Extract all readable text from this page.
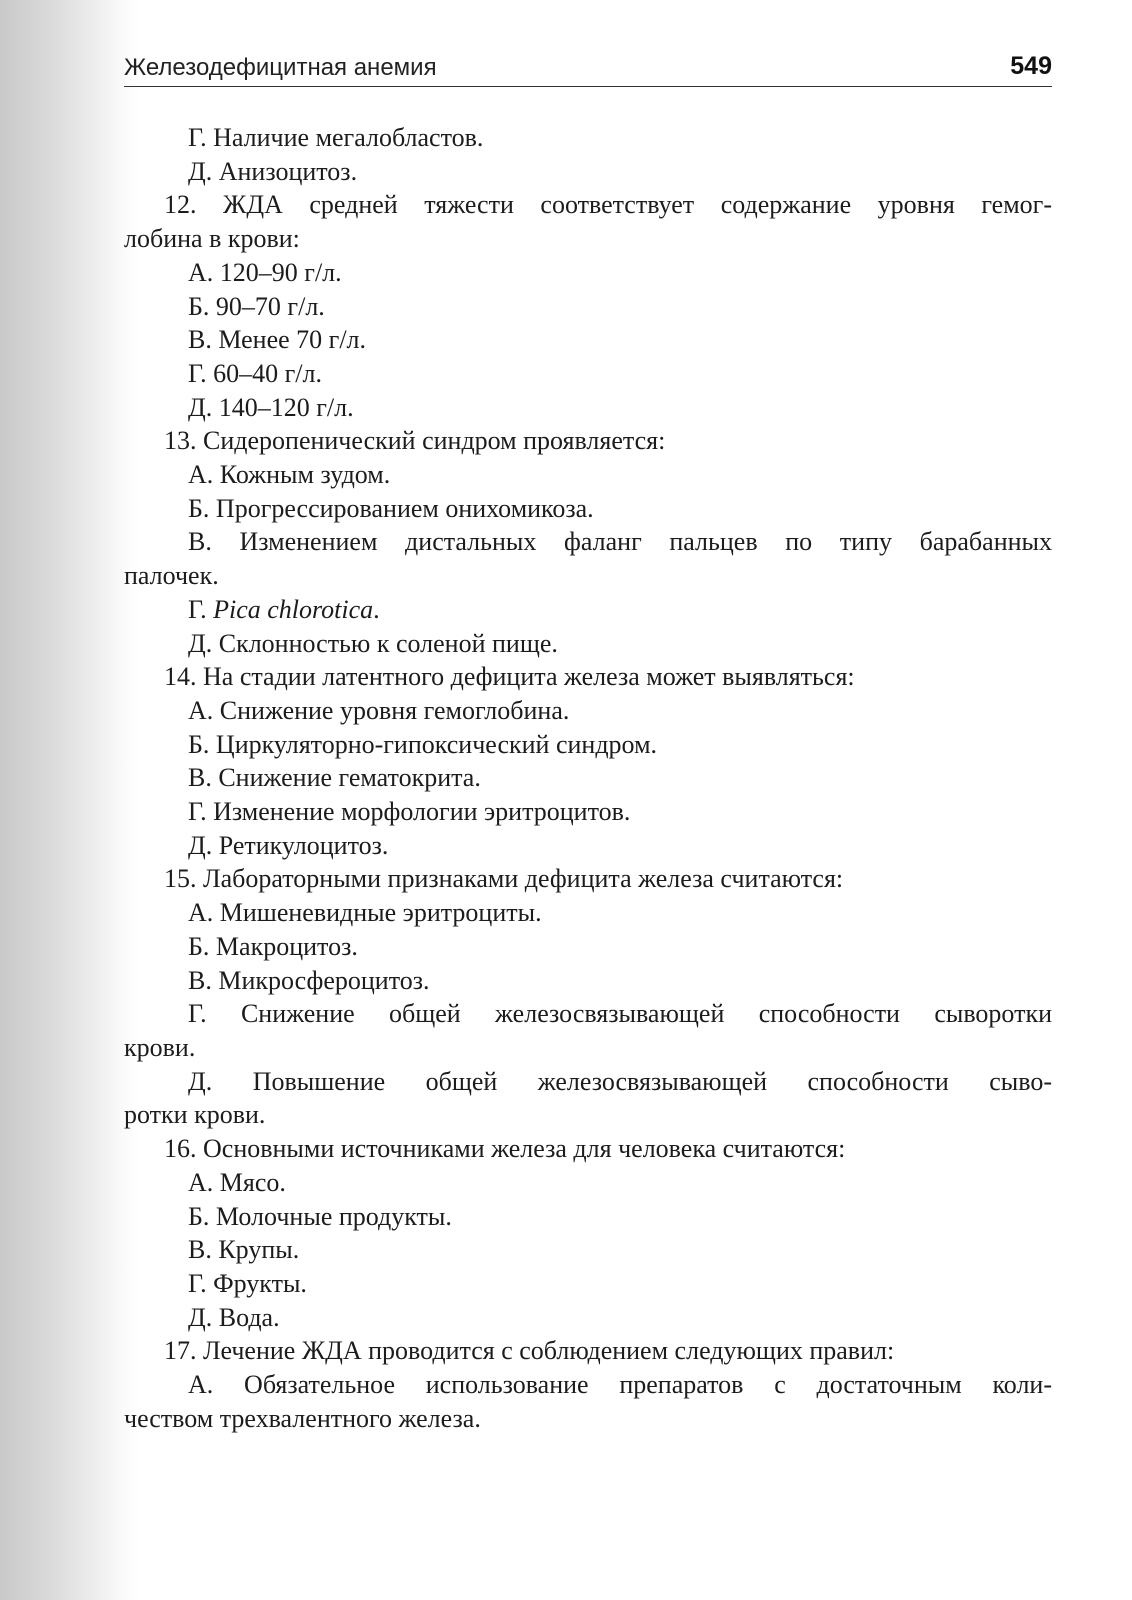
Железодефицитная анемия	549
Г. Наличие мегалобластов.
Д. Анизоцитоз.
12. ЖДА средней тяжести соответствует содержание уровня гемог-
лобина в крови:
А. 120–90 г/л.
Б. 90–70 г/л.
В. Менее 70 г/л.
Г. 60–40 г/л.
Д. 140–120 г/л.
13. Сидеропенический синдром проявляется:
А. Кожным зудом.
Б. Прогрессированием онихомикоза.
В. Изменением дистальных фаланг пальцев по типу барабанных
палочек.
Г. Pica chlorotica.
Д. Склонностью к соленой пище.
14. На стадии латентного дефицита железа может выявляться:
А. Снижение уровня гемоглобина.
Б. Циркуляторно-гипоксический синдром.
В. Снижение гематокрита.
Г. Изменение морфологии эритроцитов.
Д. Ретикулоцитоз.
15. Лабораторными признаками дефицита железа считаются:
А. Мишеневидные эритроциты.
Б. Макроцитоз.
В. Микросфероцитоз.
Г. Снижение общей железосвязывающей способности сыворотки
крови.
Д. Повышение общей железосвязывающей способности сыво-
ротки крови.
16. Основными источниками железа для человека считаются:
А. Мясо.
Б. Молочные продукты.
В. Крупы.
Г. Фрукты.
Д. Вода.
17. Лечение ЖДА проводится с соблюдением следующих правил:
А. Обязательное использование препаратов с достаточным коли-
чеством трехвалентного железа.
